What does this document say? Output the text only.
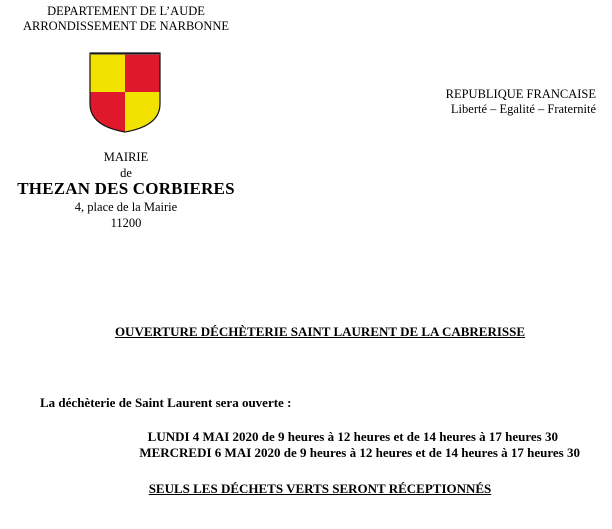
DEPARTEMENT DE L’AUDE
ARRONDISSEMENT DE NARBONNE
REPUBLIQUE FRANCAISE
Liberté – Egalité – Fraternité
MAIRIE
de
THEZAN DES CORBIERES
4, place de la Mairie
11200
OUVERTURE DÉCHÈTERIE SAINT LAURENT DE LA CABRERISSE
La déchèterie de Saint Laurent sera ouverte :
LUNDI 4 MAI 2020 de 9 heures à 12 heures et de 14 heures à 17 heures 30
MERCREDI 6 MAI 2020 de 9 heures à 12 heures et de 14 heures à 17 heures 30
SEULS LES DÉCHETS VERTS SERONT RÉCEPTIONNÉS
